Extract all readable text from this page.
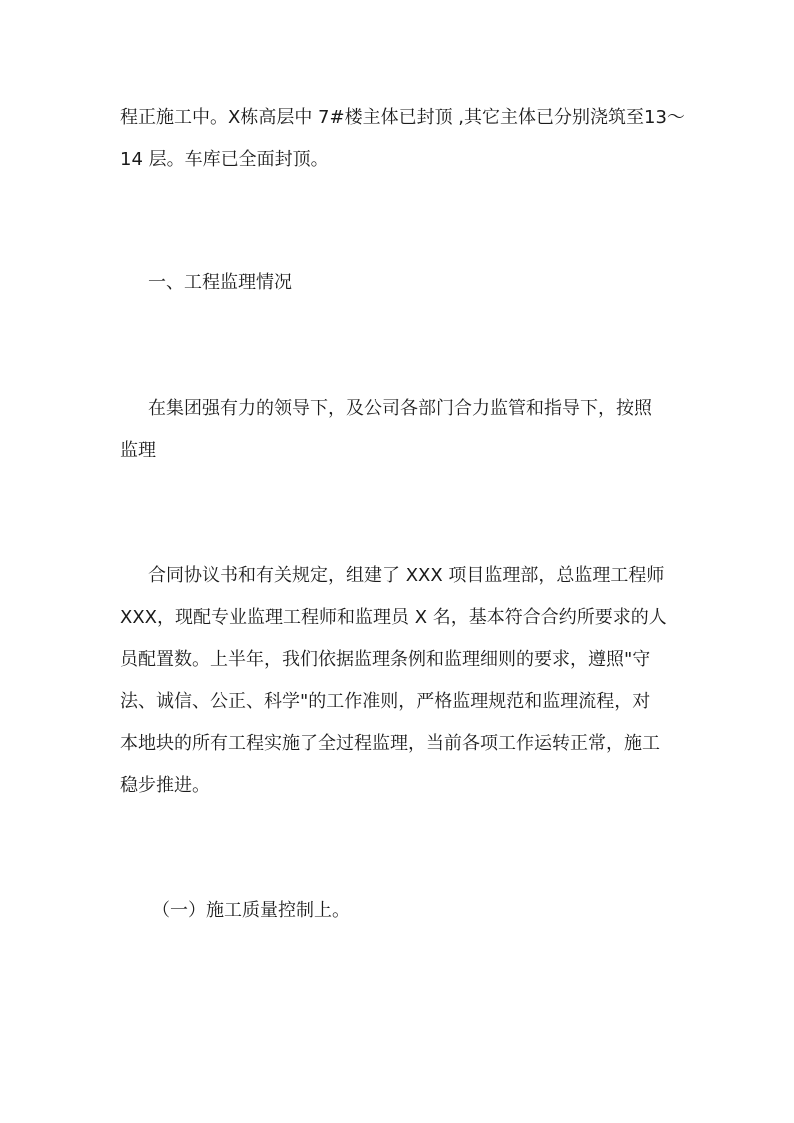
程正施工中。X栋高层中 7#楼主体已封顶 ,其它主体已分别浇筑至13～
14 层。车库已全面封顶。
一、工程监理情况
在集团强有力的领导下，及公司各部门合力监管和指导下，按照
监理
合同协议书和有关规定，组建了 XXX 项目监理部，总监理工程师
XXX，现配专业监理工程师和监理员 X 名，基本符合合约所要求的人
员配置数。上半年，我们依据监理条例和监理细则的要求，遵照"守
法、诚信、公正、科学"的工作准则，严格监理规范和监理流程，对
本地块的所有工程实施了全过程监理，当前各项工作运转正常，施工
稳步推进。
（一）施工质量控制上。
